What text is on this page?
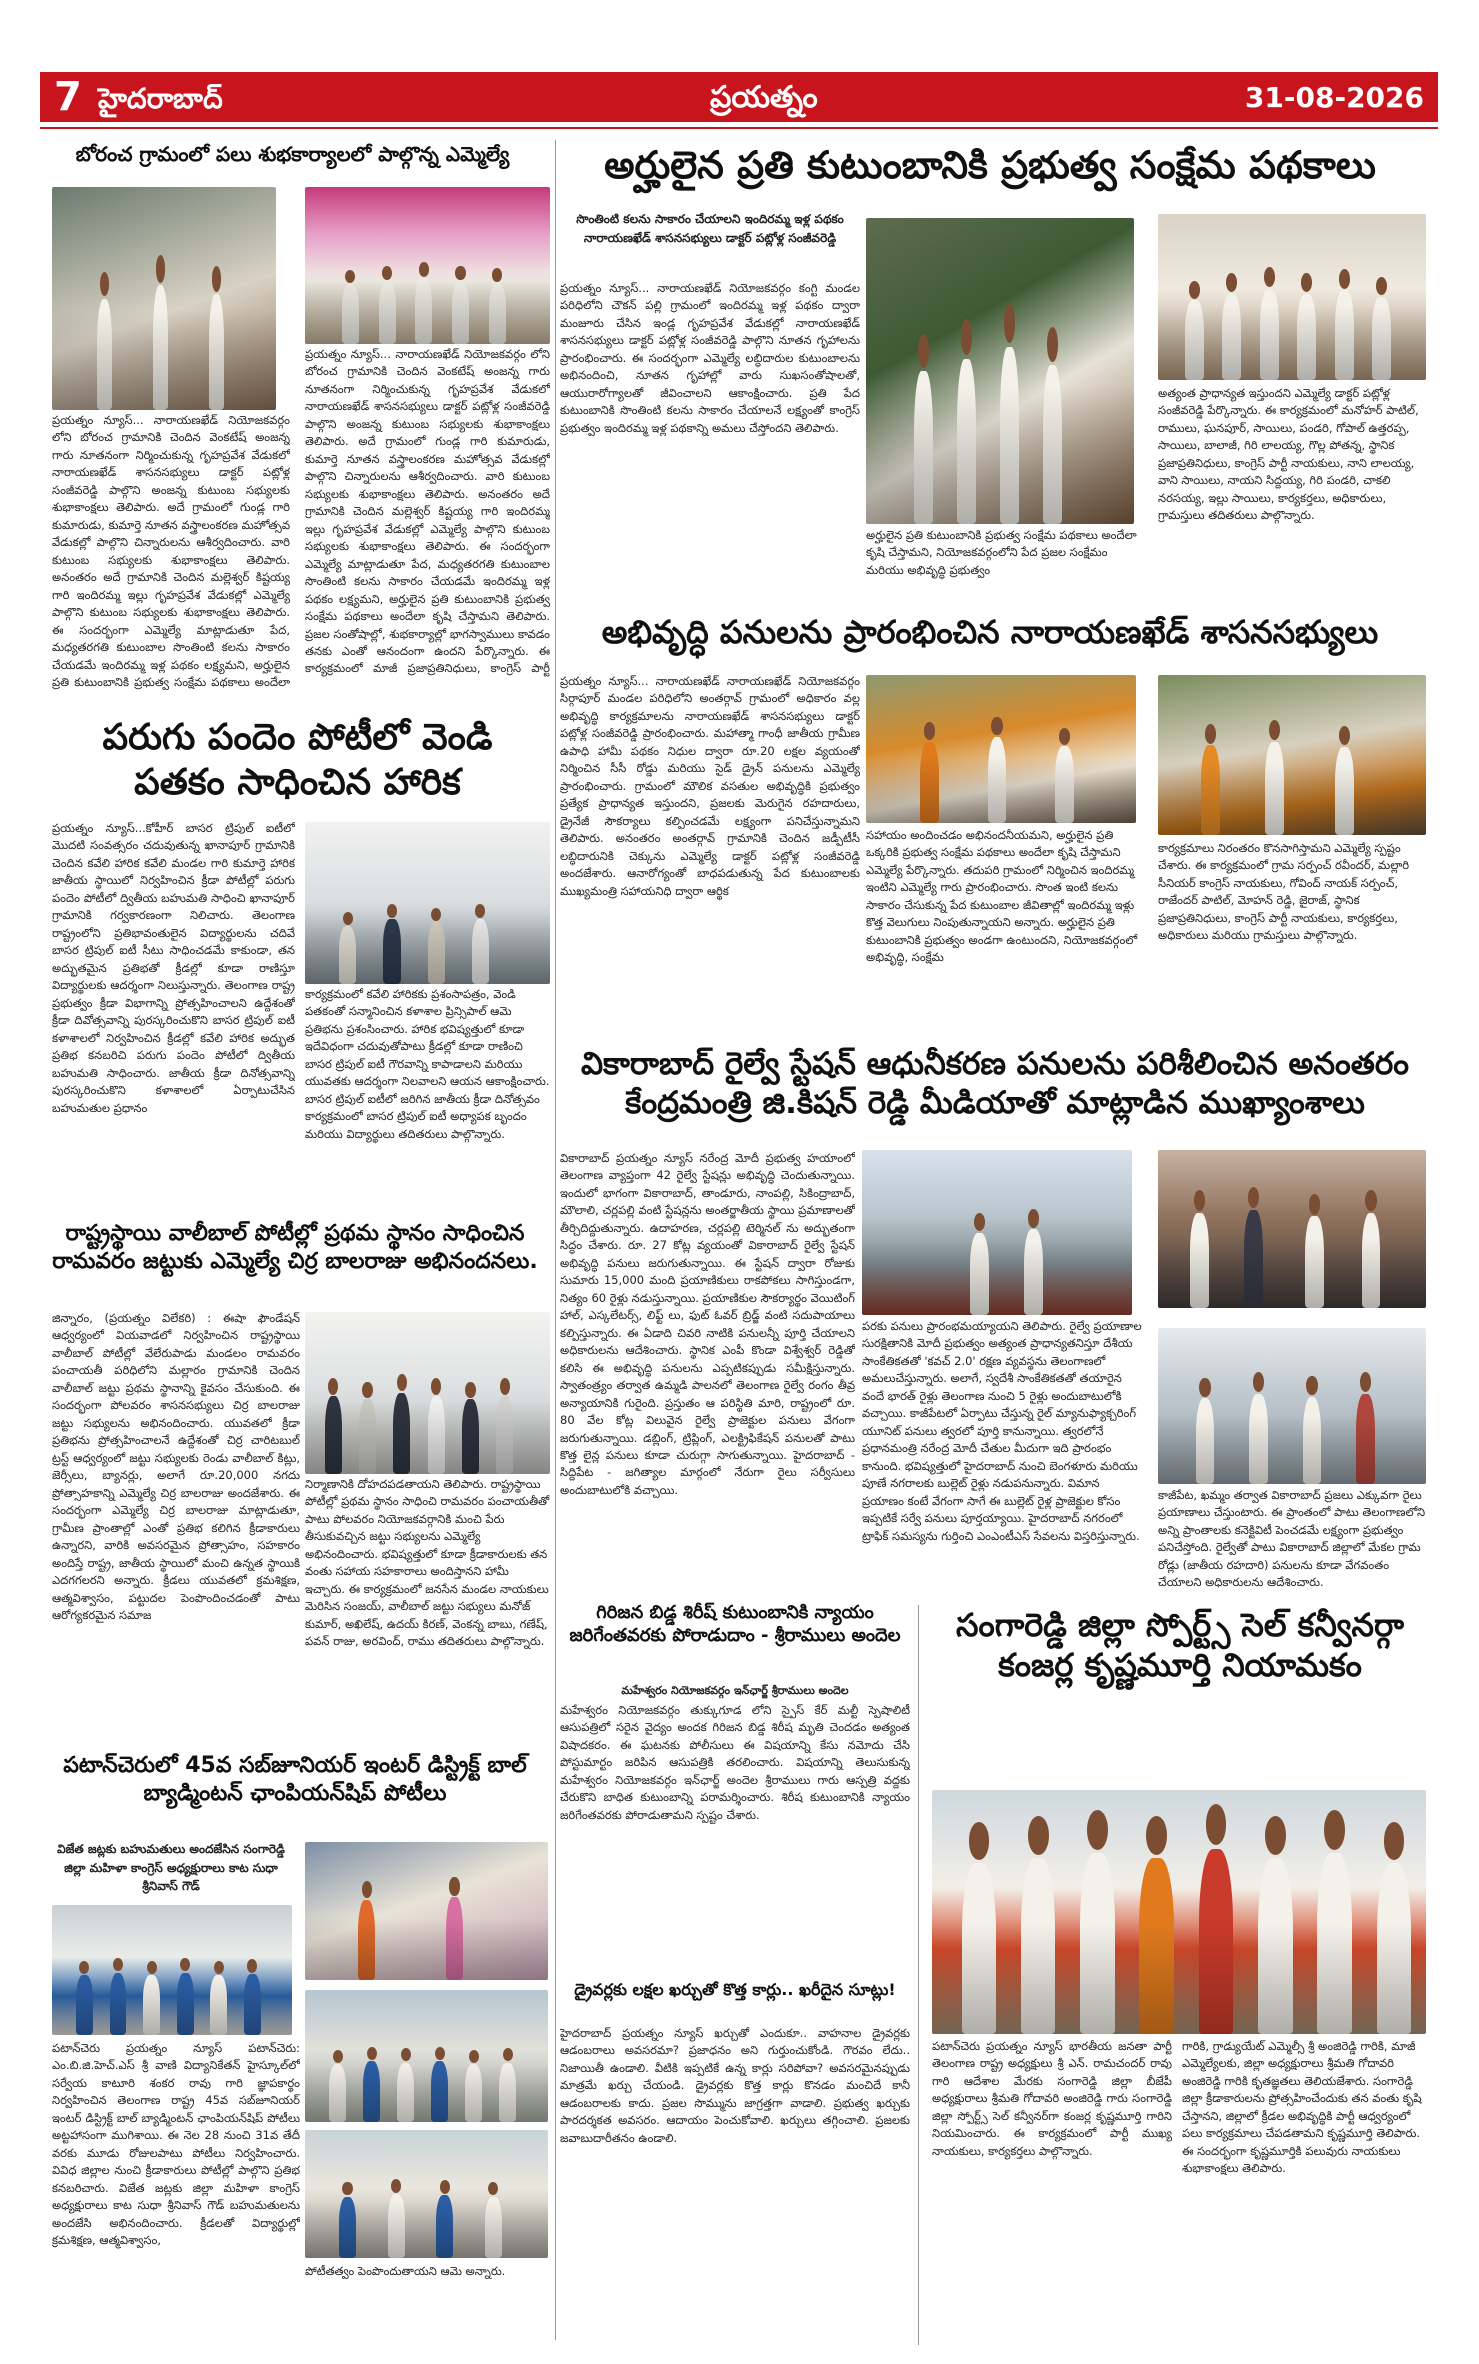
7 హైదరాబాద్	ప్రయత్నం	31-08-2026
బోరంచ గ్రామంలో పలు శుభకార్యాలలో పాల్గొన్న ఎమ్మెల్యే
ప్రయత్నం న్యూస్... నారాయణఖేడ్ నియోజకవర్గం లోని బోరంచ గ్రామానికి చెందిన వెంకటేష్ అంజన్న గారు నూతనంగా నిర్మించుకున్న గృహప్రవేశ వేడుకలో నారాయణఖేడ్ శాసనసభ్యులు డాక్టర్ పట్లోళ్ల సంజీవరెడ్డి పాల్గొని అంజన్న కుటుంబ సభ్యులకు శుభాకాంక్షలు తెలిపారు. అదే గ్రామంలో గుండ్ల గారి కుమారుడు, కుమార్తె నూతన వస్త్రాలంకరణ మహోత్సవ వేడుకల్లో పాల్గొని చిన్నారులను ఆశీర్వదించారు. వారి కుటుంబ సభ్యులకు శుభాకాంక్షలు తెలిపారు. అనంతరం అదే గ్రామానికి చెందిన మల్లెశ్వర్ కిష్టయ్య గారి ఇందిరమ్మ ఇల్లు గృహప్రవేశ వేడుకల్లో ఎమ్మెల్యే పాల్గొని కుటుంబ సభ్యులకు శుభాకాంక్షలు తెలిపారు. ఈ సందర్భంగా ఎమ్మెల్యే మాట్లాడుతూ పేద, మధ్యతరగతి కుటుంబాల సొంతింటి కలను సాకారం చేయడమే ఇందిరమ్మ ఇళ్ల పథకం లక్ష్యమని, అర్హులైన ప్రతి కుటుంబానికి ప్రభుత్వ సంక్షేమ పథకాలు అందేలా
ప్రయత్నం న్యూస్... నారాయణఖేడ్ నియోజకవర్గం లోని బోరంచ గ్రామానికి చెందిన వెంకటేష్ అంజన్న గారు నూతనంగా నిర్మించుకున్న గృహప్రవేశ వేడుకలో నారాయణఖేడ్ శాసనసభ్యులు డాక్టర్ పట్లోళ్ల సంజీవరెడ్డి పాల్గొని అంజన్న కుటుంబ సభ్యులకు శుభాకాంక్షలు తెలిపారు. అదే గ్రామంలో గుండ్ల గారి కుమారుడు, కుమార్తె నూతన వస్త్రాలంకరణ మహోత్సవ వేడుకల్లో పాల్గొని చిన్నారులను ఆశీర్వదించారు. వారి కుటుంబ సభ్యులకు శుభాకాంక్షలు తెలిపారు. అనంతరం అదే గ్రామానికి చెందిన మల్లెశ్వర్ కిష్టయ్య గారి ఇందిరమ్మ ఇల్లు గృహప్రవేశ వేడుకల్లో ఎమ్మెల్యే పాల్గొని కుటుంబ సభ్యులకు శుభాకాంక్షలు తెలిపారు. ఈ సందర్భంగా ఎమ్మెల్యే మాట్లాడుతూ పేద, మధ్యతరగతి కుటుంబాల సొంతింటి కలను సాకారం చేయడమే ఇందిరమ్మ ఇళ్ల పథకం లక్ష్యమని, అర్హులైన ప్రతి కుటుంబానికి ప్రభుత్వ సంక్షేమ పథకాలు అందేలా కృషి చేస్తామని తెలిపారు. ప్రజల సంతోషాల్లో, శుభకార్యాల్లో భాగస్వాములు కావడం తనకు ఎంతో ఆనందంగా ఉందని పేర్కొన్నారు. ఈ కార్యక్రమంలో మాజీ ప్రజాప్రతినిధులు, కాంగ్రెస్ పార్టీ
అర్హులైన ప్రతి కుటుంబానికి ప్రభుత్వ సంక్షేమ పథకాలు
సొంతింటి కలను సాకారం చేయాలని ఇందిరమ్మ ఇళ్ల పథకం నారాయణఖేడ్ శాసనసభ్యులు డాక్టర్ పట్లోళ్ల సంజీవరెడ్డి
ప్రయత్నం న్యూస్... నారాయణఖేడ్ నియోజకవర్గం కంగ్టి మండల పరిధిలోని చౌకన్ పల్లి గ్రామంలో ఇందిరమ్మ ఇళ్ల పథకం ద్వారా మంజూరు చేసిన ఇండ్ల గృహప్రవేశ వేడుకల్లో నారాయణఖేడ్ శాసనసభ్యులు డాక్టర్ పట్లోళ్ల సంజీవరెడ్డి పాల్గొని నూతన గృహాలను ప్రారంభించారు. ఈ సందర్భంగా ఎమ్మెల్యే లబ్ధిదారుల కుటుంబాలను అభినందించి, నూతన గృహాల్లో వారు సుఖసంతోషాలతో, ఆయురారోగ్యాలతో జీవించాలని ఆకాంక్షించారు. ప్రతి పేద కుటుంబానికి సొంతింటి కలను సాకారం చేయాలనే లక్ష్యంతో కాంగ్రెస్ ప్రభుత్వం ఇందిరమ్మ ఇళ్ల పథకాన్ని అమలు చేస్తోందని తెలిపారు.
అర్హులైన ప్రతి కుటుంబానికి ప్రభుత్వ సంక్షేమ పథకాలు అందేలా కృషి చేస్తామని, నియోజకవర్గంలోని పేద ప్రజల సంక్షేమం మరియు అభివృద్ధి ప్రభుత్వం
అత్యంత ప్రాధాన్యత ఇస్తుందని ఎమ్మెల్యే డాక్టర్ పట్లోళ్ల సంజీవరెడ్డి పేర్కొన్నారు. ఈ కార్యక్రమంలో మనోహర్ పాటిల్, రాములు, ఘనపూర్, సాయిలు, పండరి, గోపాల్ ఉత్తరప్ప, సాయిలు, బాలాజీ, గిరి లాలయ్య, గొల్ల పోతన్న, స్థానిక ప్రజాప్రతినిధులు, కాంగ్రెస్ పార్టీ నాయకులు, నాని లాలయ్య, వాని సాయిలు, నాయని సిద్దయ్య, గిరి పండరి, చాకలి నరసయ్య, ఇల్లు సాయిలు, కార్యకర్తలు, అధికారులు, గ్రామస్తులు తదితరులు పాల్గొన్నారు.
పరుగు పందెం పోటీలో వెండి పతకం సాధించిన హారిక
ప్రయత్నం న్యూస్...కోహీర్ బాసర ట్రిపుల్ ఐటీలో మొదటి సంవత్సరం చదువుతున్న ఖానాపూర్ గ్రామానికి చెందిన కవేలి హారిక కవేలి మండల గారి కుమార్తె హారిక జాతీయ స్థాయిలో నిర్వహించిన క్రీడా పోటీల్లో పరుగు పందెం పోటీలో ద్వితీయ బహుమతి సాధించి ఖానాపూర్ గ్రామానికి గర్వకారణంగా నిలిచారు. తెలంగాణ రాష్ట్రంలోని ప్రతిభావంతులైన విద్యార్థులను చదివే బాసర ట్రిపుల్ ఐటీ సీటు సాధించడమే కాకుండా, తన అద్భుతమైన ప్రతిభతో క్రీడల్లో కూడా రాణిస్తూ విద్యార్థులకు ఆదర్శంగా నిలుస్తున్నారు. తెలంగాణ రాష్ట్ర ప్రభుత్వం క్రీడా విభాగాన్ని ప్రోత్సహించాలని ఉద్దేశంతో క్రీడా దివోత్సవాన్ని పురస్కరించుకొని బాసర ట్రిపుల్ ఐటీ కళాశాలలో నిర్వహించిన క్రీడల్లో కవేలి హారిక అద్భుత ప్రతిభ కనబరిచి పరుగు పందెం పోటీలో ద్వితీయ బహుమతి సాధించారు. జాతీయ క్రీడా దినోత్సవాన్ని పురస్కరించుకొని కళాశాలలో ఏర్పాటుచేసిన బహుమతుల ప్రధానం
కార్యక్రమంలో కవేలి హారికకు ప్రశంసాపత్రం, వెండి పతకంతో సన్మానించిన కళాశాల ప్రిన్సిపాల్ ఆమె ప్రతిభను ప్రశంసించారు. హారిక భవిష్యత్తులో కూడా ఇదేవిధంగా చదువుతోపాటు క్రీడల్లో కూడా రాణించి బాసర ట్రిపుల్ ఐటీ గౌరవాన్ని కాపాడాలని మరియు యువతకు ఆదర్శంగా నిలవాలని ఆయన ఆకాంక్షించారు. బాసర ట్రిపుల్ ఐటీలో జరిగిన జాతీయ క్రీడా దినోత్సవం కార్యక్రమంలో బాసర ట్రిపుల్ ఐటీ అధ్యాపక బృందం మరియు విద్యార్థులు తదితరులు పాల్గొన్నారు.
అభివృద్ధి పనులను ప్రారంభించిన నారాయణఖేడ్ శాసనసభ్యులు
ప్రయత్నం న్యూస్... నారాయణఖేడ్ నారాయణఖేడ్ నియోజకవర్గం సిర్గాపూర్ మండల పరిధిలోని అంతర్గావ్ గ్రామంలో అధికారం వల్ల అభివృద్ధి కార్యక్రమాలను నారాయణఖేడ్ శాసనసభ్యులు డాక్టర్ పట్లోళ్ల సంజీవరెడ్డి ప్రారంభించారు. మహాత్మా గాంధీ జాతీయ గ్రామీణ ఉపాధి హామీ పథకం నిధుల ద్వారా రూ.20 లక్షల వ్యయంతో నిర్మించిన సీసీ రోడ్డు మరియు సైడ్ డ్రైన్ పనులను ఎమ్మెల్యే ప్రారంభించారు. గ్రామంలో మౌలిక వసతుల అభివృద్ధికి ప్రభుత్వం ప్రత్యేక ప్రాధాన్యత ఇస్తుందని, ప్రజలకు మెరుగైన రహదారులు, డ్రైనేజీ సౌకర్యాలు కల్పించడమే లక్ష్యంగా పనిచేస్తున్నామని తెలిపారు. అనంతరం అంతర్గావ్ గ్రామానికి చెందిన జడ్పీటీసీ లబ్ధిదారునికి చెక్కును ఎమ్మెల్యే డాక్టర్ పట్లోళ్ల సంజీవరెడ్డి అందజేశారు. ఆనారోగ్యంతో బాధపడుతున్న పేద కుటుంబాలకు ముఖ్యమంత్రి సహాయనిధి ద్వారా ఆర్థిక
సహాయం అందించడం అభినందనీయమని, అర్హులైన ప్రతి ఒక్కరికి ప్రభుత్వ సంక్షేమ పథకాలు అందేలా కృషి చేస్తామని ఎమ్మెల్యే పేర్కొన్నారు. తదుపరి గ్రామంలో నిర్మించిన ఇందిరమ్మ ఇంటిని ఎమ్మెల్యే గారు ప్రారంభించారు. సొంత ఇంటి కలను సాకారం చేసుకున్న పేద కుటుంబాల జీవితాల్లో ఇందిరమ్మ ఇళ్లు కొత్త వెలుగులు నింపుతున్నాయని అన్నారు. అర్హులైన ప్రతి కుటుంబానికి ప్రభుత్వం అండగా ఉంటుందని, నియోజకవర్గంలో అభివృద్ధి, సంక్షేమ
కార్యక్రమాలు నిరంతరం కొనసాగిస్తామని ఎమ్మెల్యే స్పష్టం చేశారు. ఈ కార్యక్రమంలో గ్రామ సర్పంచ్ రవీందర్, మల్లారి సీనియర్ కాంగ్రెస్ నాయకులు, గోవింద్ నాయక్ సర్పంచ్, రాజేందర్ పాటిల్, మోహన్ రెడ్డి, జైరాజ్, స్థానిక ప్రజాప్రతినిధులు, కాంగ్రెస్ పార్టీ నాయకులు, కార్యకర్తలు, అధికారులు మరియు గ్రామస్తులు పాల్గొన్నారు.
రాష్ట్రస్థాయి వాలీబాల్ పోటీల్లో ప్రథమ స్థానం సాధించిన రామవరం జట్టుకు ఎమ్మెల్యే చిర్ర బాలరాజు అభినందనలు.
జిన్నారం, (ప్రయత్నం విలేకరి) : ఈషా ఫౌండేషన్ ఆధ్వర్యంలో వియవాడలో నిర్వహించిన రాష్ట్రస్థాయి వాలీబాల్ పోటీల్లో వేలేరుపాడు మండలం రామవరం పంచాయతీ పరిధిలోని మల్లారం గ్రామానికి చెందిన వాలీబాల్ జట్టు ప్రథమ స్థానాన్ని కైవసం చేసుకుంది. ఈ సందర్భంగా పోలవరం శాసనసభ్యులు చిర్ర బాలరాజు జట్టు సభ్యులను అభినందించారు. యువతలో క్రీడా ప్రతిభను ప్రోత్సహించాలనే ఉద్దేశంతో చిర్ర చారిటబుల్ ట్రస్ట్ ఆధ్వర్యంలో జట్టు సభ్యులకు రెండు వాలీబాల్ కిట్లు, జెర్సీలు, బ్యానర్లు, అలాగే రూ.20,000 నగదు ప్రోత్సాహకాన్ని ఎమ్మెల్యే చిర్ర బాలరాజు అందజేశారు. ఈ సందర్భంగా ఎమ్మెల్యే చిర్ర బాలరాజు మాట్లాడుతూ, గ్రామీణ ప్రాంతాల్లో ఎంతో ప్రతిభ కలిగిన క్రీడాకారులు ఉన్నారని, వారికి అవసరమైన ప్రోత్సాహం, సహకారం అందిస్తే రాష్ట్ర, జాతీయ స్థాయిలో మంచి ఉన్నత స్థాయికి ఎదగగలరని అన్నారు. క్రీడలు యువతలో క్రమశిక్షణ, ఆత్మవిశ్వాసం, పట్టుదల పెంపొందించడంతో పాటు ఆరోగ్యకరమైన సమాజ
నిర్మాణానికి దోహదపడతాయని తెలిపారు. రాష్ట్రస్థాయి పోటీల్లో ప్రథమ స్థానం సాధించి రామవరం పంచాయతీతో పాటు పోలవరం నియోజకవర్గానికి మంచి పేరు తీసుకువచ్చిన జట్టు సభ్యులను ఎమ్మెల్యే అభినందించారు. భవిష్యత్తులో కూడా క్రీడాకారులకు తన వంతు సహాయ సహకారాలు అందిస్తానని హామీ ఇచ్చారు. ఈ కార్యక్రమంలో జనసేన మండల నాయకులు మెరిసిన సంజయ్, వాలీబాల్ జట్టు సభ్యులు మనోజ్ కుమార్, అఖిలేష్, ఉదయ్ కిరణ్, వెంకన్న బాబు, గణేష్, పవన్ రాజు, అరవింద్, రాము తదితరులు పాల్గొన్నారు.
వికారాబాద్ రైల్వే స్టేషన్ ఆధునీకరణ పనులను పరిశీలించిన అనంతరం కేంద్రమంత్రి జి.కిషన్ రెడ్డి మీడియాతో మాట్లాడిన ముఖ్యాంశాలు
వికారాబాద్ ప్రయత్నం న్యూస్ నరేంద్ర మోదీ ప్రభుత్వ హయాంలో తెలంగాణ వ్యాప్తంగా 42 రైల్వే స్టేషన్లు అభివృద్ధి చెందుతున్నాయి. ఇందులో భాగంగా వికారాబాద్, తాండూరు, నాంపల్లి, సికింద్రాబాద్, మౌలాలి, చర్లపల్లి వంటి స్టేషన్లను అంతర్జాతీయ స్థాయి ప్రమాణాలతో తీర్చిదిద్దుతున్నారు. ఉదాహరణ, చర్లపల్లి టెర్మినల్ ను అద్భుతంగా సిద్ధం చేశారు. రూ. 27 కోట్ల వ్యయంతో వికారాబాద్ రైల్వే స్టేషన్ అభివృద్ధి పనులు జరుగుతున్నాయి. ఈ స్టేషన్ ద్వారా రోజుకు సుమారు 15,000 మంది ప్రయాణికులు రాకపోకలు సాగిస్తుండగా, నిత్యం 60 రైళ్లు నడుస్తున్నాయి. ప్రయాణికుల సౌకర్యార్థం వెయిటింగ్ హాల్, ఎస్కలేటర్స్, లిఫ్ట్ లు, ఫుట్ ఓవర్ బ్రిడ్జ్ వంటి సదుపాయాలు కల్పిస్తున్నారు. ఈ ఏడాది చివరి నాటికి పనులన్నీ పూర్తి చేయాలని అధికారులను ఆదేశించారు. స్థానిక ఎంపీ కొండా విశ్వేశ్వర్ రెడ్డితో కలిసి ఈ అభివృద్ధి పనులను ఎప్పటికప్పుడు సమీక్షిస్తున్నారు. స్వాతంత్ర్యం తర్వాత ఉమ్మడి పాలనలో తెలంగాణ రైల్వే రంగం తీవ్ర అన్యాయానికి గురైంది. ప్రస్తుతం ఆ పరిస్థితి మారి, రాష్ట్రంలో రూ. 80 వేల కోట్ల విలువైన రైల్వే ప్రాజెక్టుల పనులు వేగంగా జరుగుతున్నాయి. డబ్లింగ్, ట్రిప్లింగ్, ఎలక్ట్రిఫికేషన్ పనులతో పాటు కొత్త లైన్ల పనులు కూడా చురుగ్గా సాగుతున్నాయి. హైదరాబాద్ - సిద్దిపేట - జగిత్యాల మార్గంలో నేరుగా రైలు సర్వీసులు అందుబాటులోకి వచ్చాయి.
పరకు పనులు ప్రారంభమయ్యాయని తెలిపారు. రైల్వే ప్రయాణాల సురక్షితానికి మోదీ ప్రభుత్వం అత్యంత ప్రాధాన్యతనిస్తూ దేశీయ సాంకేతికతతో 'కవచ్ 2.0' రక్షణ వ్యవస్థను తెలంగాణలో అమలుచేస్తున్నారు. అలాగే, స్వదేశీ సాంకేతికతతో తయారైన వందే భారత్ రైళ్లు తెలంగాణ నుంచి 5 రైళ్లు అందుబాటులోకి వచ్చాయి. కాజీపేటలో ఏర్పాటు చేస్తున్న రైల్ మ్యానుఫ్యాక్చరింగ్ యూనిట్ పనులు త్వరలో పూర్తి కానున్నాయి. త్వరలోనే ప్రధానమంత్రి నరేంద్ర మోదీ చేతుల మీదుగా ఇది ప్రారంభం కానుంది. భవిష్యత్తులో హైదరాబాద్ నుంచి బెంగళూరు మరియు పూణే నగరాలకు బుల్లెట్ రైళ్లు నడుపనున్నారు. విమాన ప్రయాణం కంటే వేగంగా సాగే ఈ బుల్లెట్ రైళ్ల ప్రాజెక్టుల కోసం ఇప్పటికే సర్వే పనులు పూర్తయ్యాయి. హైదరాబాద్ నగరంలో ట్రాఫిక్ సమస్యను గుర్తించి ఎంఎంటీఎస్ సేవలను విస్తరిస్తున్నారు.
కాజీపేట, ఖమ్మం తర్వాత వికారాబాద్ ప్రజలు ఎక్కువగా రైలు ప్రయాణాలు చేస్తుంటారు. ఈ ప్రాంతంలో పాటు తెలంగాణలోని అన్ని ప్రాంతాలకు కనెక్టివిటీ పెంచడమే లక్ష్యంగా ప్రభుత్వం పనిచేస్తోంది. రైల్వేతో పాటు వికారాబాద్ జిల్లాలో మేకల గ్రామ రోడ్లు (జాతీయ రహదారి) పనులను కూడా వేగవంతం చేయాలని అధికారులను ఆదేశించారు.
పటాన్‌చెరులో 45వ సబ్‌జూనియర్ ఇంటర్ డిస్ట్రిక్ట్ బాల్ బ్యాడ్మింటన్ ఛాంపియన్‌షిప్ పోటీలు
విజేత జట్లకు బహుమతులు అందజేసిన సంగారెడ్డి జిల్లా మహిళా కాంగ్రెస్ అధ్యక్షురాలు కాట సుధా శ్రీనివాస్ గౌడ్
పటాన్‌చెరు ప్రయత్నం న్యూస్ పటాన్‌చెరు: ఎం.బి.జి.హెచ్.ఎస్ శ్రీ వాణి విద్యానికేతన్ హైస్కూల్‌లో సర్వేయ కాటూరి శంకర రావు గారి జ్ఞాపకార్థం నిర్వహించిన తెలంగాణ రాష్ట్ర 45వ సబ్‌జూనియర్ ఇంటర్ డిస్ట్రిక్ట్ బాల్ బ్యాడ్మింటన్ ఛాంపియన్‌షిప్ పోటీలు అట్టహాసంగా ముగిశాయి. ఈ నెల 28 నుంచి 31వ తేదీ వరకు మూడు రోజులపాటు పోటీలు నిర్వహించారు. వివిధ జిల్లాల నుంచి క్రీడాకారులు పోటీల్లో పాల్గొని ప్రతిభ కనబరిచారు. విజేత జట్లకు జిల్లా మహిళా కాంగ్రెస్ అధ్యక్షురాలు కాట సుధా శ్రీనివాస్ గౌడ్ బహుమతులను అందజేసి అభినందించారు. క్రీడలతో విద్యార్థుల్లో క్రమశిక్షణ, ఆత్మవిశ్వాసం,
పోటీతత్వం పెంపొందుతాయని ఆమె అన్నారు.
గిరిజన బిడ్డ శిరీష్ కుటుంబానికి న్యాయం జరిగేంతవరకు పోరాడుదాం - శ్రీరాములు అందెల
మహేశ్వరం నియోజకవర్గం ఇన్‌ఛార్జ్ శ్రీరాములు అందెల
మహేశ్వరం నియోజకవర్గం తుక్కుగూడ లోని స్పైస్ కేర్ మల్టీ స్పెషాలిటీ ఆసుపత్రిలో సరైన వైద్యం అందక గిరిజన బిడ్డ శిరీష మృతి చెందడం అత్యంత విషాదకరం. ఈ ఘటనకు పోలీసులు ఈ విషయాన్ని కేసు నమోదు చేసి పోస్టుమార్టం జరిపిన ఆసుపత్రికి తరలించారు. విషయాన్ని తెలుసుకున్న మహేశ్వరం నియోజకవర్గం ఇన్‌ఛార్జ్ అందెల శ్రీరాములు గారు ఆస్పత్రి వద్దకు చేరుకొని బాధిత కుటుంబాన్ని పరామర్శించారు. శిరీష కుటుంబానికి న్యాయం జరిగేంతవరకు పోరాడుతామని స్పష్టం చేశారు.
డ్రైవర్లకు లక్షల ఖర్చుతో కొత్త కార్లు.. ఖరీదైన సూట్లు!
హైదరాబాద్ ప్రయత్నం న్యూస్ ఖర్చుతో ఎందుకూ.. వాహనాల డ్రైవర్లకు ఆడంబరాలు అవసరమా? ప్రజాధనం అని గుర్తుంచుకోండి. గౌరవం లేదు.. నిజాయితీ ఉండాలి. వీటికి ఇప్పటికే ఉన్న కార్లు సరిపోవా? అవసరమైనప్పుడు మాత్రమే ఖర్చు చేయండి. డ్రైవర్లకు కొత్త కార్లు కొనడం మంచిదే కానీ ఆడంబరాలకు కాదు. ప్రజల సొమ్మును జాగ్రత్తగా వాడాలి. ప్రభుత్వ ఖర్చుకు పారదర్శకత అవసరం. ఆదాయం పెంచుకోవాలి. ఖర్చులు తగ్గించాలి. ప్రజలకు జవాబుదారీతనం ఉండాలి.
సంగారెడ్డి జిల్లా స్పోర్ట్స్ సెల్ కన్వీనర్గా కంజర్ల కృష్ణమూర్తి నియామకం
పటాన్‌చెరు ప్రయత్నం న్యూస్ భారతీయ జనతా పార్టీ తెలంగాణ రాష్ట్ర అధ్యక్షులు శ్రీ ఎన్. రామచందర్ రావు గారి ఆదేశాల మేరకు సంగారెడ్డి జిల్లా బీజేపీ అధ్యక్షురాలు శ్రీమతి గోదావరి అంజిరెడ్డి గారు సంగారెడ్డి జిల్లా స్పోర్ట్స్ సెల్ కన్వీనర్‌గా కంజర్ల కృష్ణమూర్తి గారిని నియమించారు. ఈ కార్యక్రమంలో పార్టీ ముఖ్య నాయకులు, కార్యకర్తలు పాల్గొన్నారు.
గారికి, గ్రాడ్యుయేట్ ఎమ్మెల్సీ శ్రీ అంజిరెడ్డి గారికి, మాజీ ఎమ్మెల్యేలకు, జిల్లా అధ్యక్షురాలు శ్రీమతి గోదావరి అంజిరెడ్డి గారికి కృతజ్ఞతలు తెలియజేశారు. సంగారెడ్డి జిల్లా క్రీడాకారులను ప్రోత్సహించేందుకు తన వంతు కృషి చేస్తానని, జిల్లాలో క్రీడల అభివృద్ధికి పార్టీ ఆధ్వర్యంలో పలు కార్యక్రమాలు చేపడతామని కృష్ణమూర్తి తెలిపారు. ఈ సందర్భంగా కృష్ణమూర్తికి పలువురు నాయకులు శుభాకాంక్షలు తెలిపారు.
